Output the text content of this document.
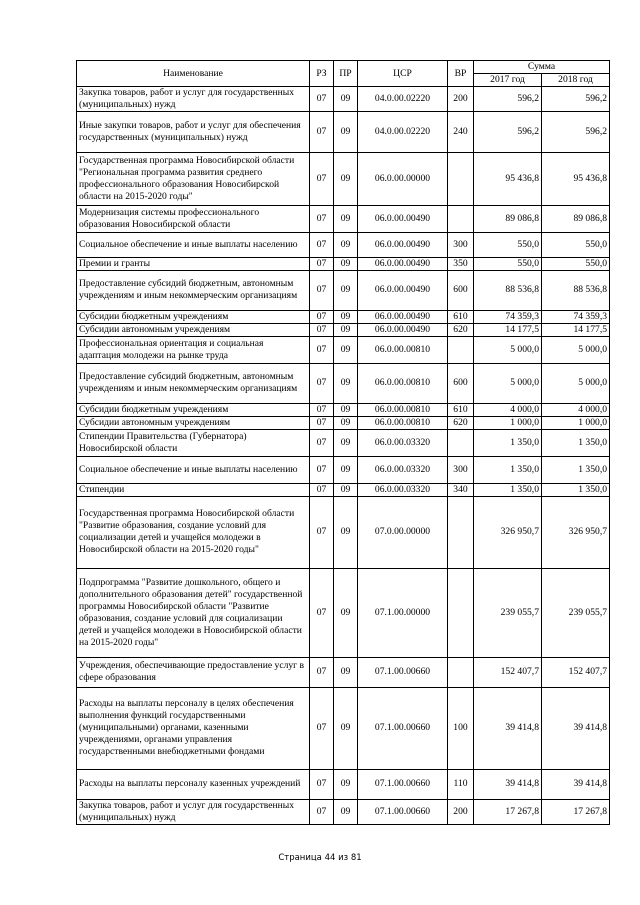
Наименование	РЗ	ПР	ЦСР	ВР	Сумма	
					2017 год	2018 год
Закупка товаров, работ и услуг для государственных (муниципальных) нужд	07	09	04.0.00.02220	200	596,2	596,2
Иные закупки товаров, работ и услуг для обеспечения государственных (муниципальных) нужд	07	09	04.0.00.02220	240	596,2	596,2
Государственная программа Новосибирской области "Региональная программа развития среднего профессионального образования Новосибирской области на 2015-2020 годы"	07	09	06.0.00.00000		95 436,8	95 436,8
Модернизация системы профессионального образования Новосибирской области	07	09	06.0.00.00490		89 086,8	89 086,8
Социальное обеспечение и иные выплаты населению	07	09	06.0.00.00490	300	550,0	550,0
Премии и гранты	07	09	06.0.00.00490	350	550,0	550,0
Предоставление субсидий бюджетным, автономным учреждениям и иным некоммерческим организациям	07	09	06.0.00.00490	600	88 536,8	88 536,8
Субсидии бюджетным учреждениям	07	09	06.0.00.00490	610	74 359,3	74 359,3
Субсидии автономным учреждениям	07	09	06.0.00.00490	620	14 177,5	14 177,5
Профессиональная ориентация и социальная адаптация молодежи на рынке труда	07	09	06.0.00.00810		5 000,0	5 000,0
Предоставление субсидий бюджетным, автономным учреждениям и иным некоммерческим организациям	07	09	06.0.00.00810	600	5 000,0	5 000,0
Субсидии бюджетным учреждениям	07	09	06.0.00.00810	610	4 000,0	4 000,0
Субсидии автономным учреждениям	07	09	06.0.00.00810	620	1 000,0	1 000,0
Стипендии Правительства (Губернатора) Новосибирской области	07	09	06.0.00.03320		1 350,0	1 350,0
Социальное обеспечение и иные выплаты населению	07	09	06.0.00.03320	300	1 350,0	1 350,0
Стипендии	07	09	06.0.00.03320	340	1 350,0	1 350,0
Государственная программа Новосибирской области "Развитие образования, создание условий для социализации детей и учащейся молодежи в Новосибирской области на 2015-2020 годы"	07	09	07.0.00.00000		326 950,7	326 950,7
Подпрограмма "Развитие дошкольного, общего и дополнительного образования детей" государственной программы Новосибирской области "Развитие образования, создание условий для социализации детей и учащейся молодежи в Новосибирской области на 2015-2020 годы"	07	09	07.1.00.00000		239 055,7	239 055,7
Учреждения, обеспечивающие предоставление услуг в сфере образования	07	09	07.1.00.00660		152 407,7	152 407,7
Расходы на выплаты персоналу в целях обеспечения выполнения функций государственными (муниципальными) органами, казенными учреждениями, органами управления государственными внебюджетными фондами	07	09	07.1.00.00660	100	39 414,8	39 414,8
Расходы на выплаты персоналу казенных учреждений	07	09	07.1.00.00660	110	39 414,8	39 414,8
Закупка товаров, работ и услуг для государственных (муниципальных) нужд	07	09	07.1.00.00660	200	17 267,8	17 267,8
Страница 44 из 81
